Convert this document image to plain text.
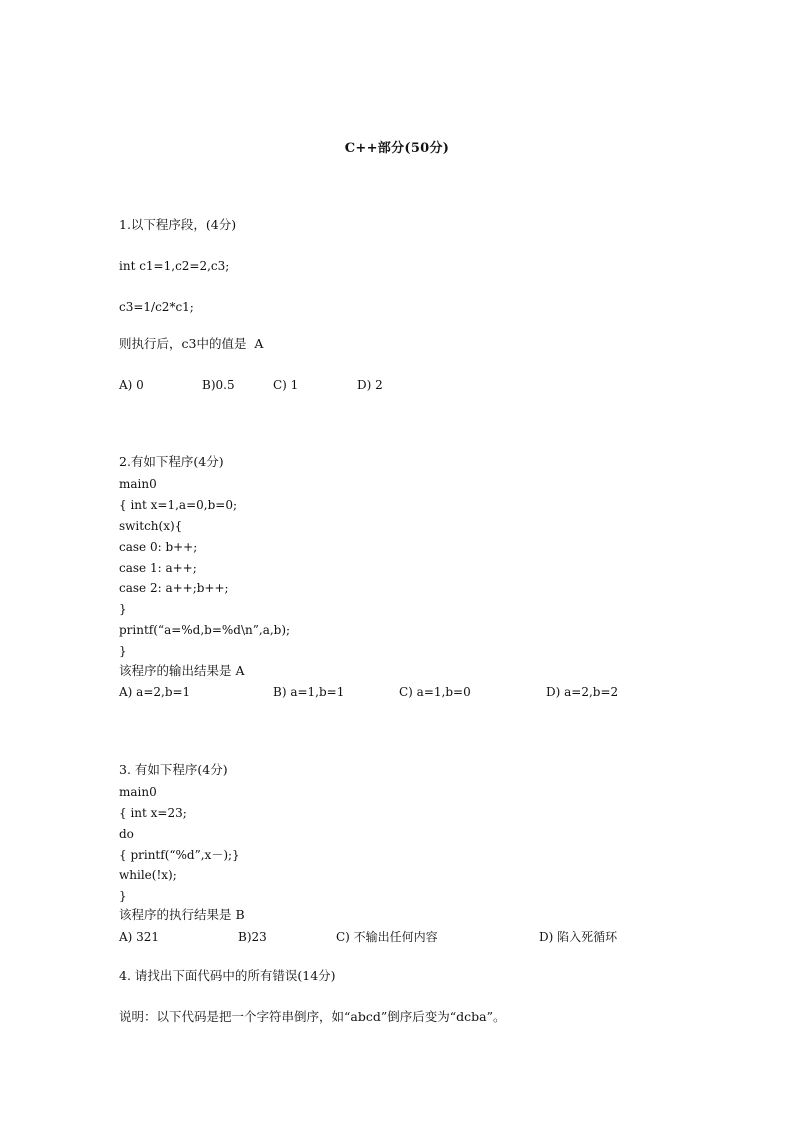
C++部分(50分)
1.以下程序段，(4分)
int c1=1,c2=2,c3;
c3=1/c2*c1;
则执行后，c3中的值是  A
A) 0	B)0.5	C) 1	D) 2
2.有如下程序(4分)
main0
{ int x=1,a=0,b=0;
switch(x){
case 0: b++;
case 1: a++;
case 2: a++;b++;
}
printf(“a=%d,b=%d\n”,a,b);
}
该程序的输出结果是 A
A) a=2,b=1	B) a=1,b=1	C) a=1,b=0	D) a=2,b=2
3. 有如下程序(4分)
main0
{ int x=23;
do
{ printf(“%d”,x－);}
while(!x);
}
该程序的执行结果是 B
A) 321	B)23	C) 不输出任何内容	D) 陷入死循环
4. 请找出下面代码中的所有错误(14分)
说明：以下代码是把一个字符串倒序，如“abcd”倒序后变为“dcba”。
